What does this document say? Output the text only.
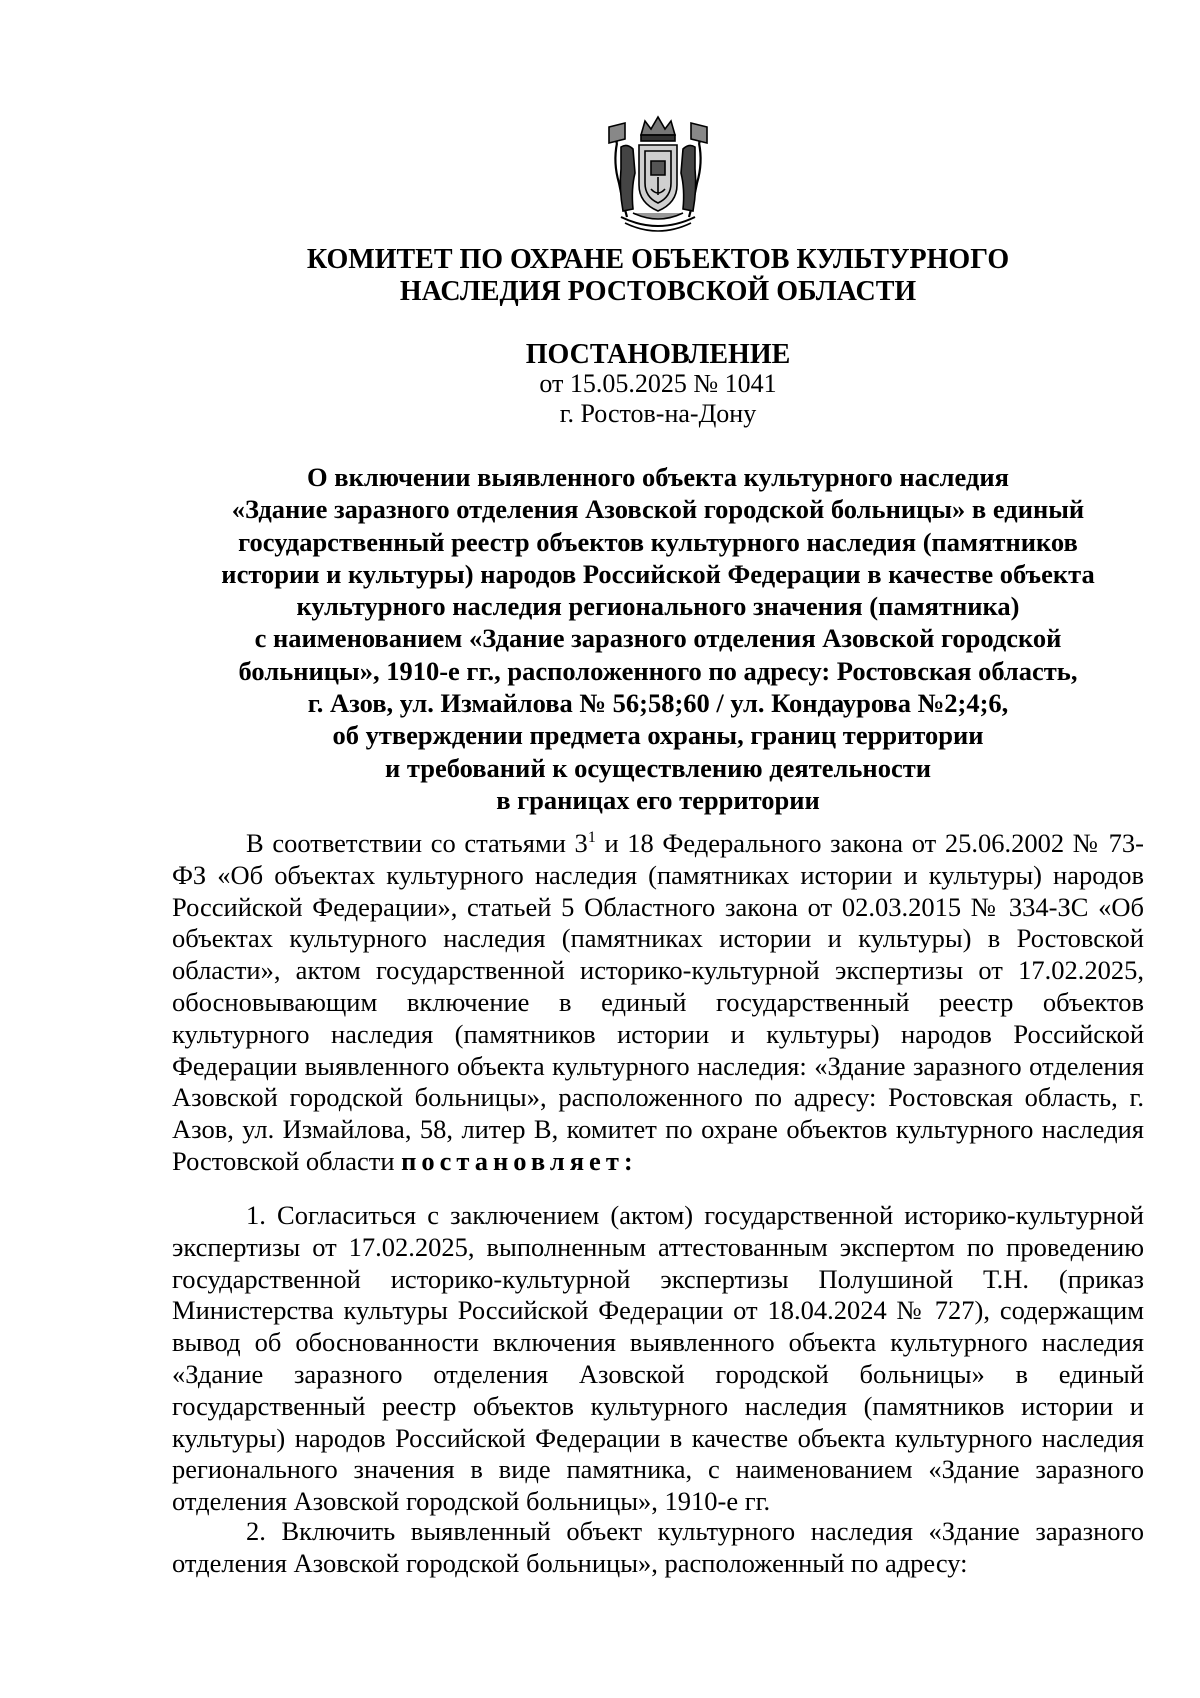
КОМИТЕТ ПО ОХРАНЕ ОБЪЕКТОВ КУЛЬТУРНОГО
НАСЛЕДИЯ РОСТОВСКОЙ ОБЛАСТИ
ПОСТАНОВЛЕНИЕ
от 15.05.2025 № 1041
г. Ростов-на-Дону
О включении выявленного объекта культурного наследия
«Здание заразного отделения Азовской городской больницы» в единый
государственный реестр объектов культурного наследия (памятников
истории и культуры) народов Российской Федерации в качестве объекта
культурного наследия регионального значения (памятника)
с наименованием «Здание заразного отделения Азовской городской
больницы», 1910-е гг., расположенного по адресу: Ростовская область,
г. Азов, ул. Измайлова № 56;58;60 / ул. Кондаурова №2;4;6,
об утверждении предмета охраны, границ территории
и требований к осуществлению деятельности
в границах его территории

В соответствии со статьями $3^1$ и 18 Федерального закона от 25.06.2002 № 73-ФЗ «Об объектах культурного наследия (памятниках истории и культуры) народов Российской Федерации», статьей 5 Областного закона от 02.03.2015 № 334-ЗС «Об объектах культурного наследия (памятниках истории и культуры) в Ростовской области», актом государственной историко-культурной экспертизы от 17.02.2025, обосновывающим включение в единый государственный реестр объектов культурного наследия (памятников истории и культуры) народов Российской Федерации выявленного объекта культурного наследия: «Здание заразного отделения Азовской городской больницы», расположенного по адресу: Ростовская область, г. Азов, ул. Измайлова, 58, литер В, комитет по охране объектов культурного наследия Ростовской области постановляет:

1. Согласиться с заключением (актом) государственной историко-культурной экспертизы от 17.02.2025, выполненным аттестованным экспертом по проведению государственной историко-культурной экспертизы Полушиной Т.Н. (приказ Министерства культуры Российской Федерации от 18.04.2024 № 727), содержащим вывод об обоснованности включения выявленного объекта культурного наследия «Здание заразного отделения Азовской городской больницы» в единый государственный реестр объектов культурного наследия (памятников истории и культуры) народов Российской Федерации в качестве объекта культурного наследия регионального значения в виде памятника, с наименованием «Здание заразного отделения Азовской городской больницы», 1910-е гг.

2. Включить выявленный объект культурного наследия «Здание заразного отделения Азовской городской больницы», расположенный по адресу:
